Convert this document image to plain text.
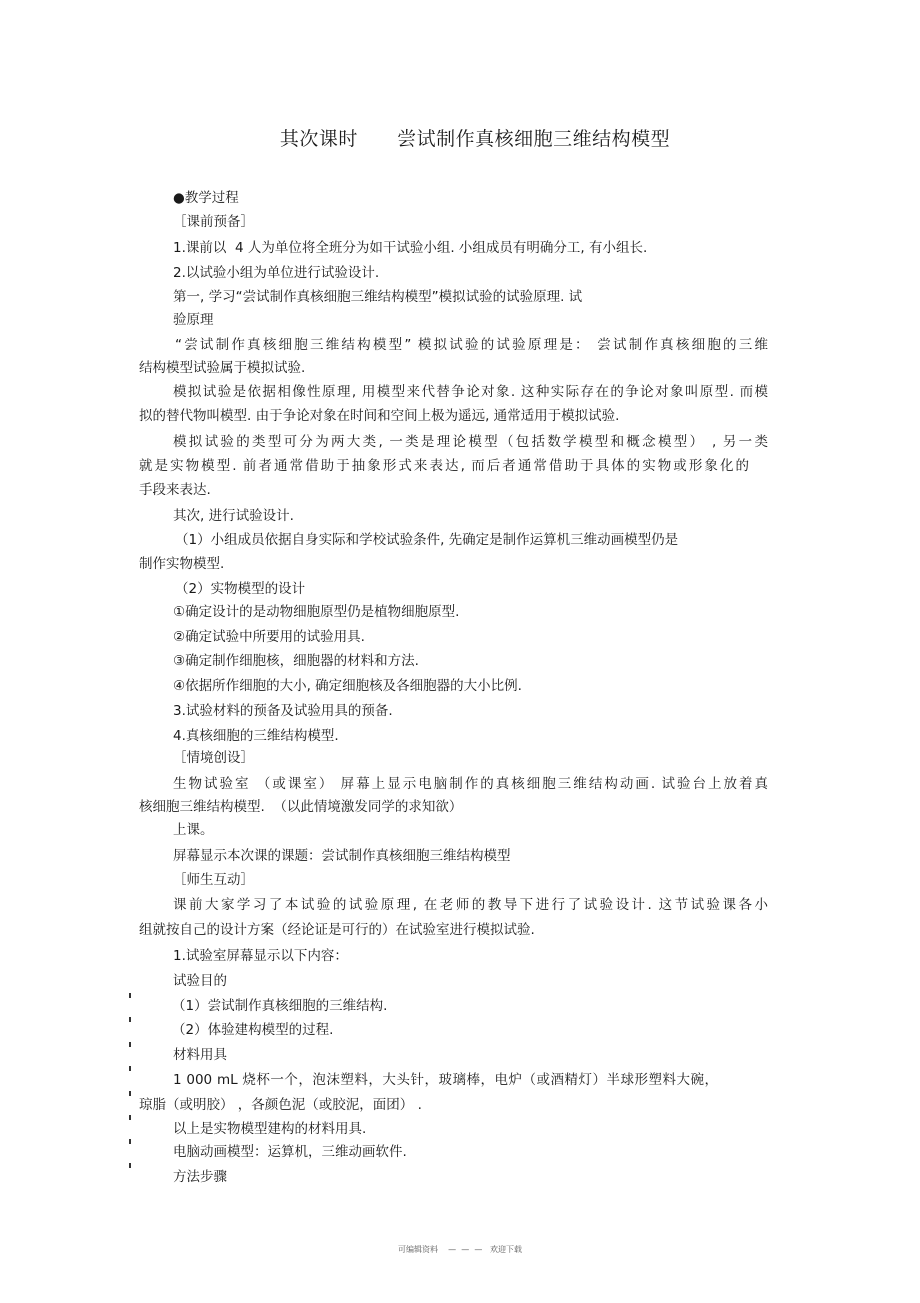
其次课时      尝试制作真核细胞三维结构模型
●教学过程
［课前预备］
1.课前以  4 人为单位将全班分为如干试验小组. 小组成员有明确分工, 有小组长.
2.以试验小组为单位进行试验设计.
第一, 学习“尝试制作真核细胞三维结构模型”模拟试验的试验原理. 试
验原理
“尝试制作真核细胞三维结构模型” 模拟试验的试验原理是： 尝试制作真核细胞的三维
结构模型试验属于模拟试验.
模拟试验是依据相像性原理, 用模型来代替争论对象. 这种实际存在的争论对象叫原型. 而模
拟的替代物叫模型. 由于争论对象在时间和空间上极为遥远, 通常适用于模拟试验.
模拟试验的类型可分为两大类, 一类是理论模型（包括数学模型和概念模型） , 另一类
就是实物模型. 前者通常借助于抽象形式来表达, 而后者通常借助于具体的实物或形象化的
手段来表达.
其次, 进行试验设计.
（1）小组成员依据自身实际和学校试验条件, 先确定是制作运算机三维动画模型仍是
制作实物模型.
（2）实物模型的设计
①确定设计的是动物细胞原型仍是植物细胞原型.
②确定试验中所要用的试验用具.
③确定制作细胞核，细胞器的材料和方法.
④依据所作细胞的大小, 确定细胞核及各细胞器的大小比例.
3.试验材料的预备及试验用具的预备.
4.真核细胞的三维结构模型.
［情境创设］
生物试验室 （或课室） 屏幕上显示电脑制作的真核细胞三维结构动画. 试验台上放着真
核细胞三维结构模型.  （以此情境激发同学的求知欲）
上课。
屏幕显示本次课的课题：尝试制作真核细胞三维结构模型
［师生互动］
课前大家学习了本试验的试验原理, 在老师的教导下进行了试验设计. 这节试验课各小
组就按自己的设计方案（经论证是可行的）在试验室进行模拟试验.
1.试验室屏幕显示以下内容：
试验目的
（1）尝试制作真核细胞的三维结构.
（2）体验建构模型的过程.
材料用具
1 000 mL 烧杯一个，泡沫塑料，大头针，玻璃棒，电炉（或酒精灯）半球形塑料大碗，
琼脂（或明胶） ，各颜色泥（或胶泥，面团） .
以上是实物模型建构的材料用具.
电脑动画模型：运算机，三维动画软件.
方法步骤
可编辑资料    —  —  —   欢迎下载
